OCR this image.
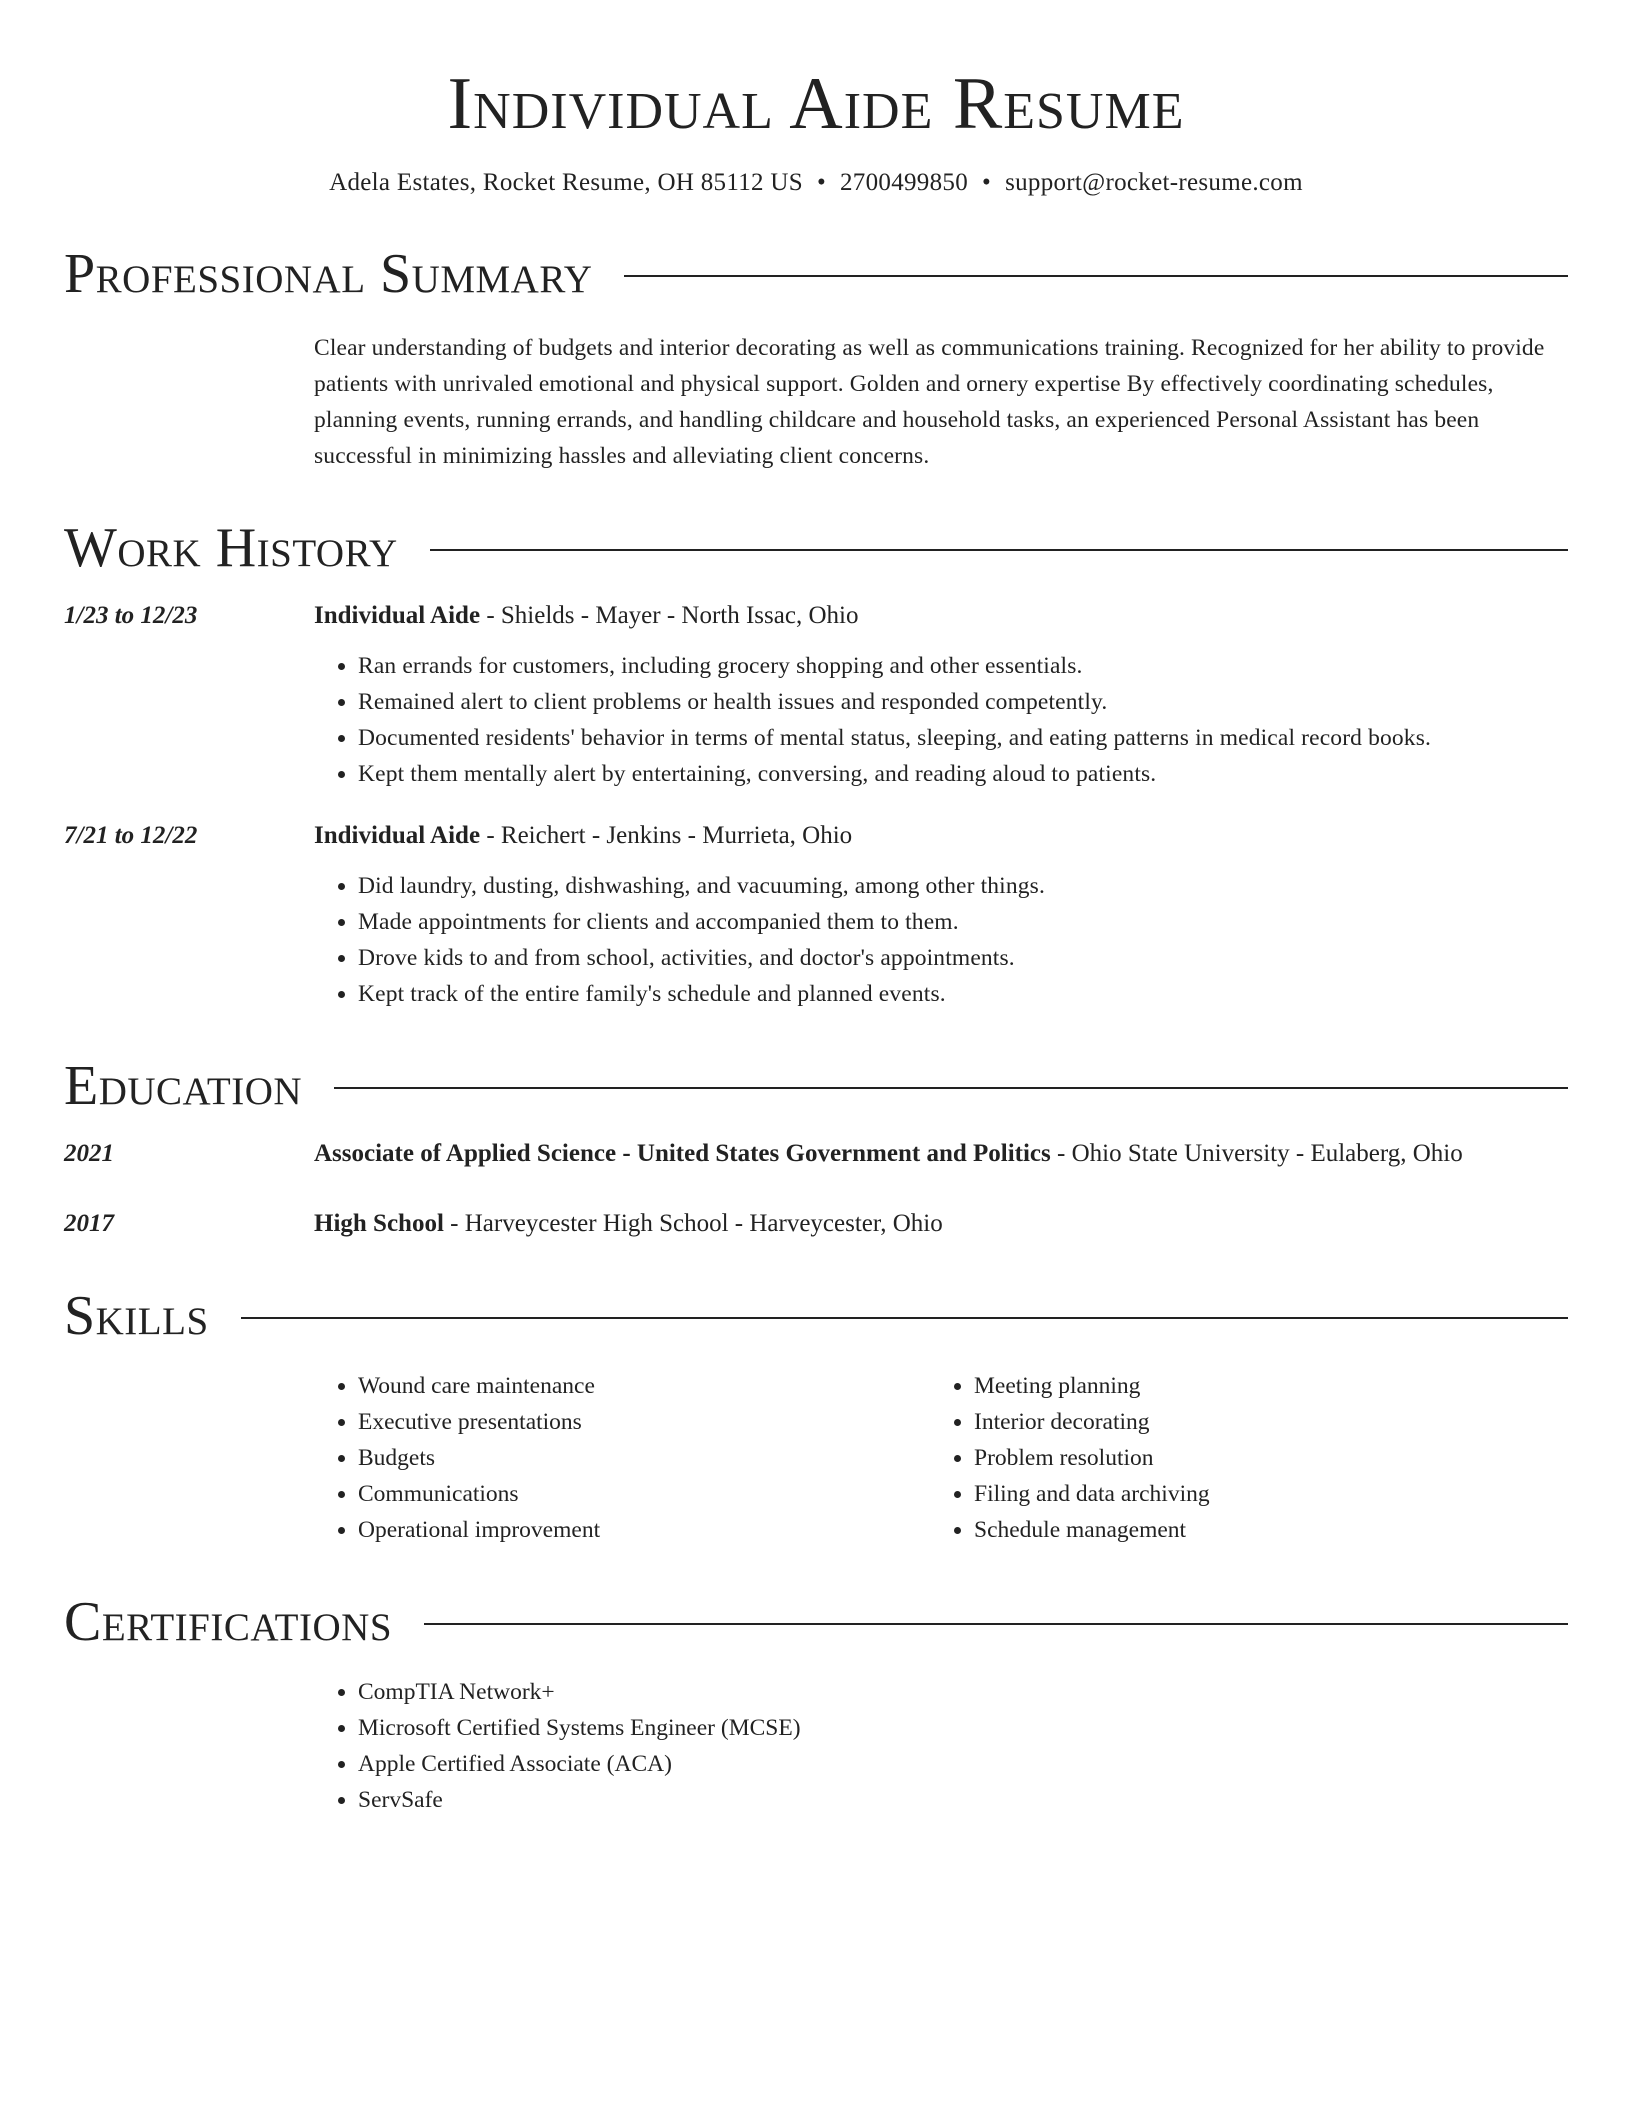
Individual Aide Resume
Adela Estates, Rocket Resume, OH 85112 US • 2700499850 • support@rocket-resume.com
Professional Summary
Clear understanding of budgets and interior decorating as well as communications training. Recognized for her ability to provide patients with unrivaled emotional and physical support. Golden and ornery expertise By effectively coordinating schedules, planning events, running errands, and handling childcare and household tasks, an experienced Personal Assistant has been successful in minimizing hassles and alleviating client concerns.
Work History
1/23 to 12/23	Individual Aide - Shields - Mayer - North Issac, Ohio
• Ran errands for customers, including grocery shopping and other essentials.
• Remained alert to client problems or health issues and responded competently.
• Documented residents' behavior in terms of mental status, sleeping, and eating patterns in medical record books.
• Kept them mentally alert by entertaining, conversing, and reading aloud to patients.
7/21 to 12/22	Individual Aide - Reichert - Jenkins - Murrieta, Ohio
• Did laundry, dusting, dishwashing, and vacuuming, among other things.
• Made appointments for clients and accompanied them to them.
• Drove kids to and from school, activities, and doctor's appointments.
• Kept track of the entire family's schedule and planned events.
Education
2021	Associate of Applied Science - United States Government and Politics - Ohio State University - Eulaberg, Ohio
2017	High School - Harveycester High School - Harveycester, Ohio
Skills
• Wound care maintenance
• Executive presentations
• Budgets
• Communications
• Operational improvement
• Meeting planning
• Interior decorating
• Problem resolution
• Filing and data archiving
• Schedule management
Certifications
• CompTIA Network+
• Microsoft Certified Systems Engineer (MCSE)
• Apple Certified Associate (ACA)
• ServSafe
